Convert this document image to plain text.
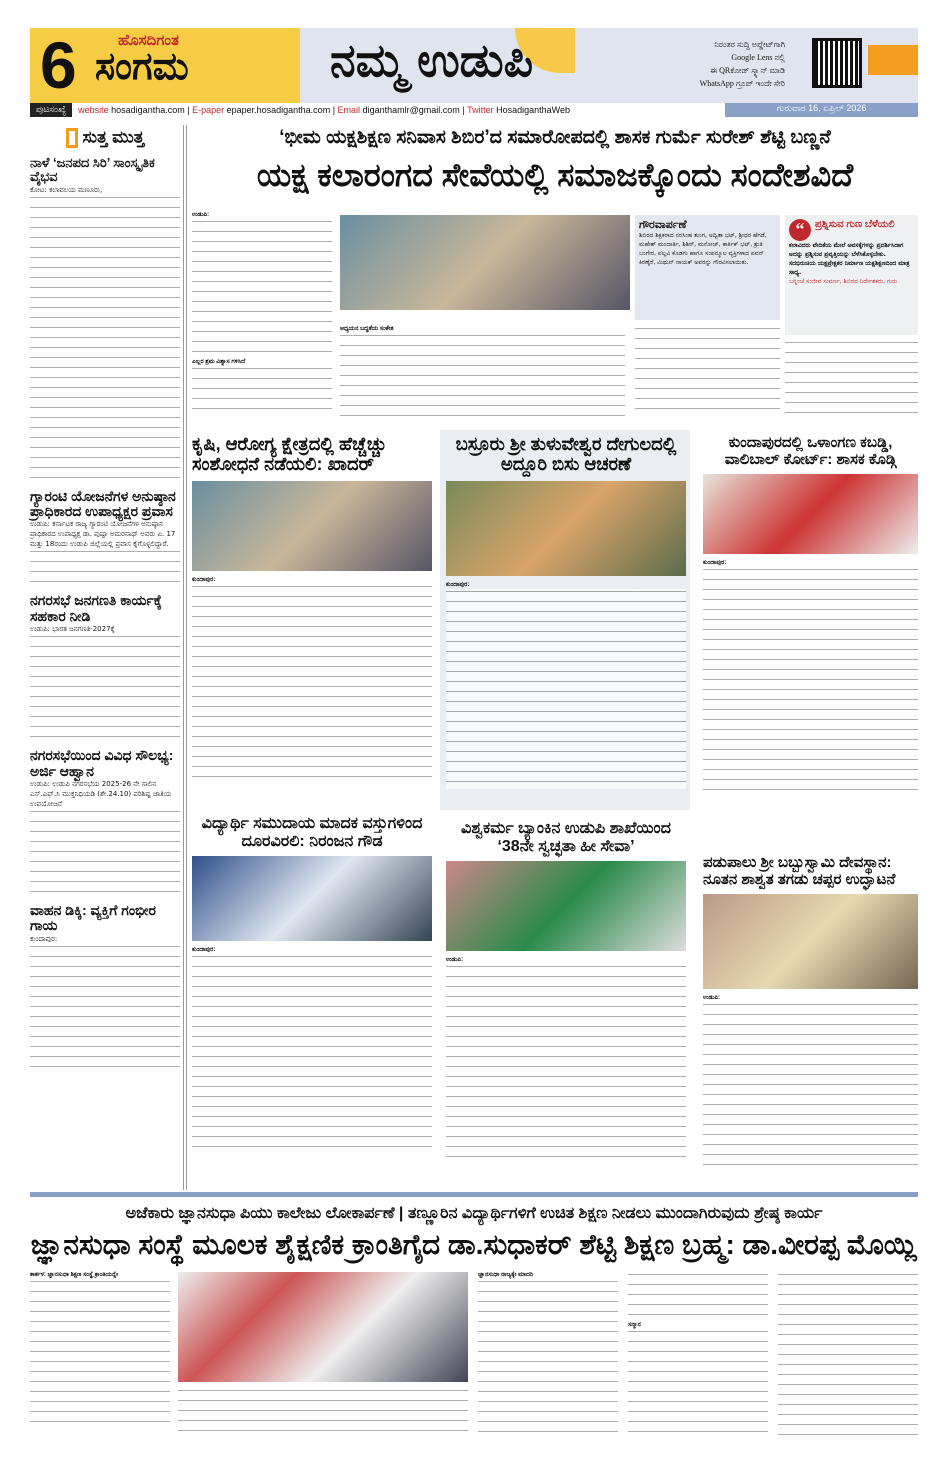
6	ಹೊಸದಿಗಂತ
ಸಂಗಮ	ನಮ್ಮ ಉಡುಪಿ	ನಿರಂತರ ಸುದ್ದಿ ಅಪ್ಡೇಟ್‌ಗಾಗಿ
Google Lens ನಲ್ಲಿ
ಈ QRಕೋಡ್ ಸ್ಕ್ಯಾನ್ ಮಾಡಿ
WhatsApp ಗ್ರೂಪ್ ಇಂದೇ ಸೇರಿ
ಪುಟಸಂಖ್ಯೆ	website hosadigantha.com | E-paper epaper.hosadigantha.com | Email diganthamlr@gmail.com | Twitter HosadiganthaWeb	ಗುರುವಾರ 16, ಏಪ್ರಿಲ್ 2026
ಸುತ್ತ ಮುತ್ತ
ನಾಳೆ ‘ಜನಪದ ಸಿರಿ’ ಸಾಂಸ್ಕೃತಿಕ ವೈಭವ
ಕೋಟ: ಕಲಾವಲಯ ಮಣೂರು,
ಗ್ಯಾರಂಟಿ ಯೋಜನೆಗಳ ಅನುಷ್ಠಾನ ಪ್ರಾಧಿಕಾರದ ಉಪಾಧ್ಯಕ್ಷರ ಪ್ರವಾಸ
ಉಡುಪಿ: ಕರ್ನಾಟಕ ರಾಜ್ಯ ಗ್ಯಾರಂಟಿ ಯೋಜನೆಗಳ ಅನುಷ್ಠಾನ ಪ್ರಾಧಿಕಾರದ ಉಪಾಧ್ಯಕ್ಷ ಡಾ. ಪುಷ್ಪಾ ಅಮರನಾಥ್ ಅವರು ಏ. 17 ಮತ್ತು 18ರಂದು ಉಡುಪಿ ಜಿಲ್ಲೆಯಲ್ಲಿ ಪ್ರವಾಸ ಕೈಗೊಳ್ಳಲಿದ್ದಾರೆ.
ನಗರಸಭೆ ಜನಗಣತಿ ಕಾರ್ಯಕ್ಕೆ ಸಹಕಾರ ನೀಡಿ
ಉಡುಪಿ: ಭಾರತ ಜನಗಣತಿ-2027ಕ್ಕೆ
ನಗರಸಭೆಯಿಂದ ವಿವಿಧ ಸೌಲಭ್ಯ: ಅರ್ಜಿ ಆಹ್ವಾನ
ಉಡುಪಿ: ಉಡುಪಿ ನಗರಸಭೆಯ 2025-26 ನೇ ಸಾಲಿನ ಎಸ್.ಎಫ್.ಸಿ ಮುಕ್ತನಿಧಿಯಡಿ (ಶೇ.24.10) ಪರಿಶಿಷ್ಟ ಜಾತಿಯ ಉಪಯೋಜನೆ
ವಾಹನ ಡಿಕ್ಕಿ: ವ್ಯಕ್ತಿಗೆ ಗಂಭೀರ ಗಾಯ
ಕುಂದಾಪುರ:
‘ಭೀಮ ಯಕ್ಷಶಿಕ್ಷಣ ಸನಿವಾಸ ಶಿಬಿರ’ದ ಸಮಾರೋಪದಲ್ಲಿ ಶಾಸಕ ಗುರ್ಮೆ ಸುರೇಶ್ ಶೆಟ್ಟಿ ಬಣ್ಣನೆ
ಯಕ್ಷ ಕಲಾರಂಗದ ಸೇವೆಯಲ್ಲಿ ಸಮಾಜಕ್ಕೊಂದು ಸಂದೇಶವಿದೆ
ಉಡುಪಿ:
ಎಲ್ಲರ ಶ್ರಮ ವಿಶ್ವಾಸ ಗಳಿಸಿದೆ
ಆಧ್ಯಯನ ಬದ್ಧತೆಯ ಸಂಕೇತ
ಗೌರವಾರ್ಪಣೆ
ಶಿಬಿರದ ಶಿಕ್ಷಕರಾದ ನರಸಿಂಹ ತುಂಗ, ಅದ್ವಿತಾ ಭಟ್, ಶ್ರೀಧರ ಹೆಗಡೆ, ಮಹೇಶ್ ಮಂದಾರ್ತಿ, ಶಿಶಿರ್, ಮನೋಜ್, ಕಾರ್ತಿಕ್ ಭಟ್, ಶ್ರುತಿ ಬಂಗೇರ, ಪಲ್ಲವಿ ಕೊಡಗು ಹಾಗೂ ಸಂಪನ್ಮೂಲ ವ್ಯಕ್ತಿಗಳಾದ ಪವನ್ ಕಿರಣ್ಕೆರೆ, ಮಿಥುನ್ ನಾಯಕ್ ಅವರನ್ನು ಗೌರವಿಸಲಾಯಿತು.
“	ಪ್ರಶ್ನಿಸುವ ಗುಣ ಬೆಳೆಯಲಿ
ಕಲಾವಿದರು ವೇದಿಕೆಯ ಮೇಲೆ ಅವಸಕ್ಕೆಗಳನ್ನು ಪ್ರದರ್ಶಿಸಿದಾಗ ಅದನ್ನು ಪ್ರಶ್ನಿಸುವ ಪ್ರವೃತ್ತಿಯನ್ನು ಬೆಳೆಸಿಕೊಳ್ಳಬೇಕು. ಸದಭಿರುಚಿಯ ಯಕ್ಷಪ್ರೇಕ್ಷಕರ ನಿರ್ಮಾಣ ಯಕ್ಷಶಿಕ್ಷಣದಿಂದ ಮಾತ್ರ ಸಾಧ್ಯ.
ಬನ್ನಂಜೆ ಸಂಜೀವ ಸುವರ್ಣ, ಶಿಬಿರದ ನಿರ್ದೇಶಕರು, ಗುರು
ಕೃಷಿ, ಆರೋಗ್ಯ ಕ್ಷೇತ್ರದಲ್ಲಿ ಹೆಚ್ಚೆಚ್ಚು ಸಂಶೋಧನೆ ನಡೆಯಲಿ: ಖಾದರ್
ಕುಂದಾಪುರ:
ಬಸ್ರೂರು ಶ್ರೀ ತುಳುವೇಶ್ವರ ದೇಗುಲದಲ್ಲಿ ಅದ್ದೂರಿ ಬಿಸು ಆಚರಣೆ
ಕುಂದಾಪುರ:
ಕುಂದಾಪುರದಲ್ಲಿ ಒಳಾಂಗಣ ಕಬಡ್ಡಿ, ವಾಲಿಬಾಲ್ ಕೋರ್ಟ್: ಶಾಸಕ ಕೊಡ್ಗಿ
ಕುಂದಾಪುರ:
ವಿದ್ಯಾರ್ಥಿ ಸಮುದಾಯ ಮಾದಕ ವಸ್ತುಗಳಿಂದ ದೂರವಿರಲಿ: ನಿರಂಜನ ಗೌಡ
ಕುಂದಾಪುರ:
ವಿಶ್ವಕರ್ಮ ಬ್ಯಾಂಕಿನ ಉಡುಪಿ ಶಾಖೆಯಿಂದ ‘38ನೇ ಸ್ವಚ್ಛತಾ ಹೀ ಸೇವಾ’
ಉಡುಪಿ:
ಪಡುಪಾಲು ಶ್ರೀ ಬಬ್ಬುಸ್ವಾಮಿ ದೇವಸ್ಥಾನ: ನೂತನ ಶಾಶ್ವತ ತಗಡು ಚಪ್ಪರ ಉದ್ಘಾಟನೆ
ಉಡುಪಿ:
ಅಜೆಕಾರು ಜ್ಞಾನಸುಧಾ ಪಿಯು ಕಾಲೇಜು ಲೋಕಾರ್ಪಣೆ | ತಣ್ಣೂರಿನ ವಿದ್ಯಾರ್ಥಿಗಳಿಗೆ ಉಚಿತ ಶಿಕ್ಷಣ ನೀಡಲು ಮುಂದಾಗಿರುವುದು ಶ್ರೇಷ್ಠ ಕಾರ್ಯ
ಜ್ಞಾನಸುಧಾ ಸಂಸ್ಥೆ ಮೂಲಕ ಶೈಕ್ಷಣಿಕ ಕ್ರಾಂತಿಗೈದ ಡಾ.ಸುಧಾಕರ್ ಶೆಟ್ಟಿ ಶಿಕ್ಷಣ ಬ್ರಹ್ಮ: ಡಾ.ವೀರಪ್ಪ ಮೊಯ್ಲಿ
ಕಾರ್ಕಳ: ಜ್ಞಾನಸುಧಾ ಶಿಕ್ಷಣ ಸಂಸ್ಥೆ ಕ್ರಾಂತಿಯನ್ನೇ	ಜ್ಞಾನಸುಧಾ ರಾಜ್ಯಕ್ಕೇ ಮಾದರಿ
ಸನ್ಮಾನ
